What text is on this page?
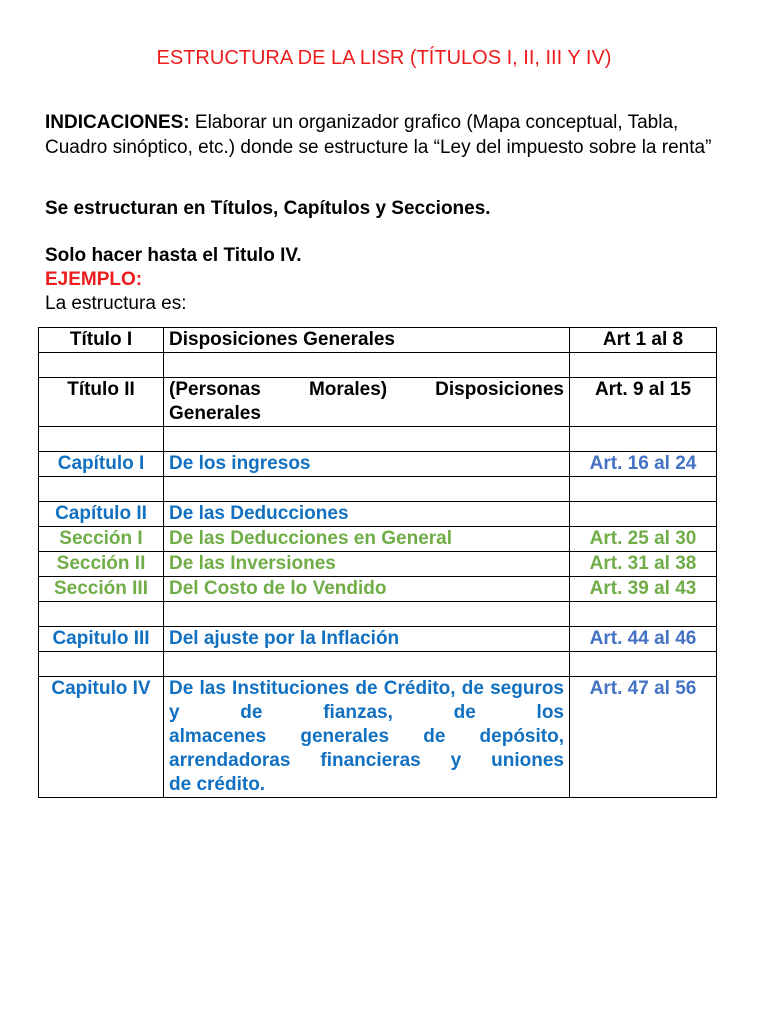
ESTRUCTURA DE LA LISR (TÍTULOS I, II, III Y IV)
INDICACIONES: Elaborar un organizador grafico (Mapa conceptual, Tabla, Cuadro sinóptico, etc.) donde se estructure la “Ley del impuesto sobre la renta”
Se estructuran en Títulos, Capítulos y Secciones.
Solo hacer hasta el Titulo IV.
EJEMPLO:
La estructura es:
Título I	Disposiciones Generales	Art 1 al 8

Título II	(Personas Morales) Disposiciones Generales	Art. 9 al 15

Capítulo I	De los ingresos	Art. 16 al 24

Capítulo II	De las Deducciones	
Sección I	De las Deducciones en General	Art. 25 al 30
Sección II	De las Inversiones	Art. 31 al 38
Sección III	Del Costo de lo Vendido	Art. 39 al 43

Capitulo III	Del ajuste por la Inflación	Art. 44 al 46

Capitulo IV	De las Instituciones de Crédito, de seguros y de fianzas, de los
almacenes generales de depósito, arrendadoras financieras y uniones
de crédito.	Art. 47 al 56
